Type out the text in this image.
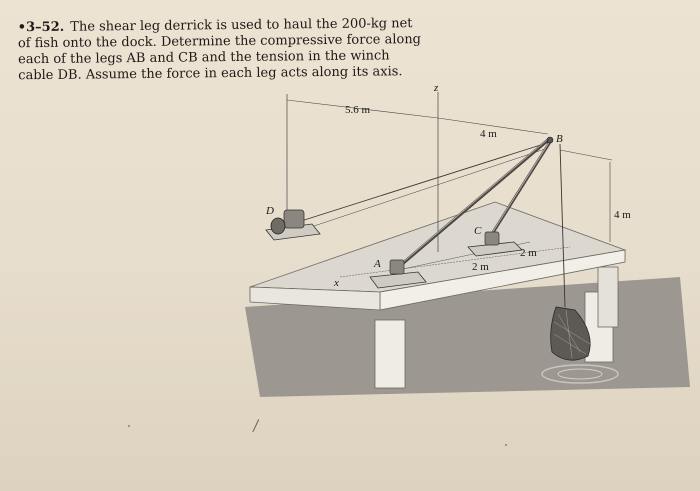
•3–52. The shear leg derrick is used to haul the 200-kg net
of fish onto the dock. Determine the compressive force along
each of the legs AB and CB and the tension in the winch
cable DB. Assume the force in each leg acts along its axis.
5.6 m
4 m
4 m
2 m
2 m
B
D
A
C
z
x
